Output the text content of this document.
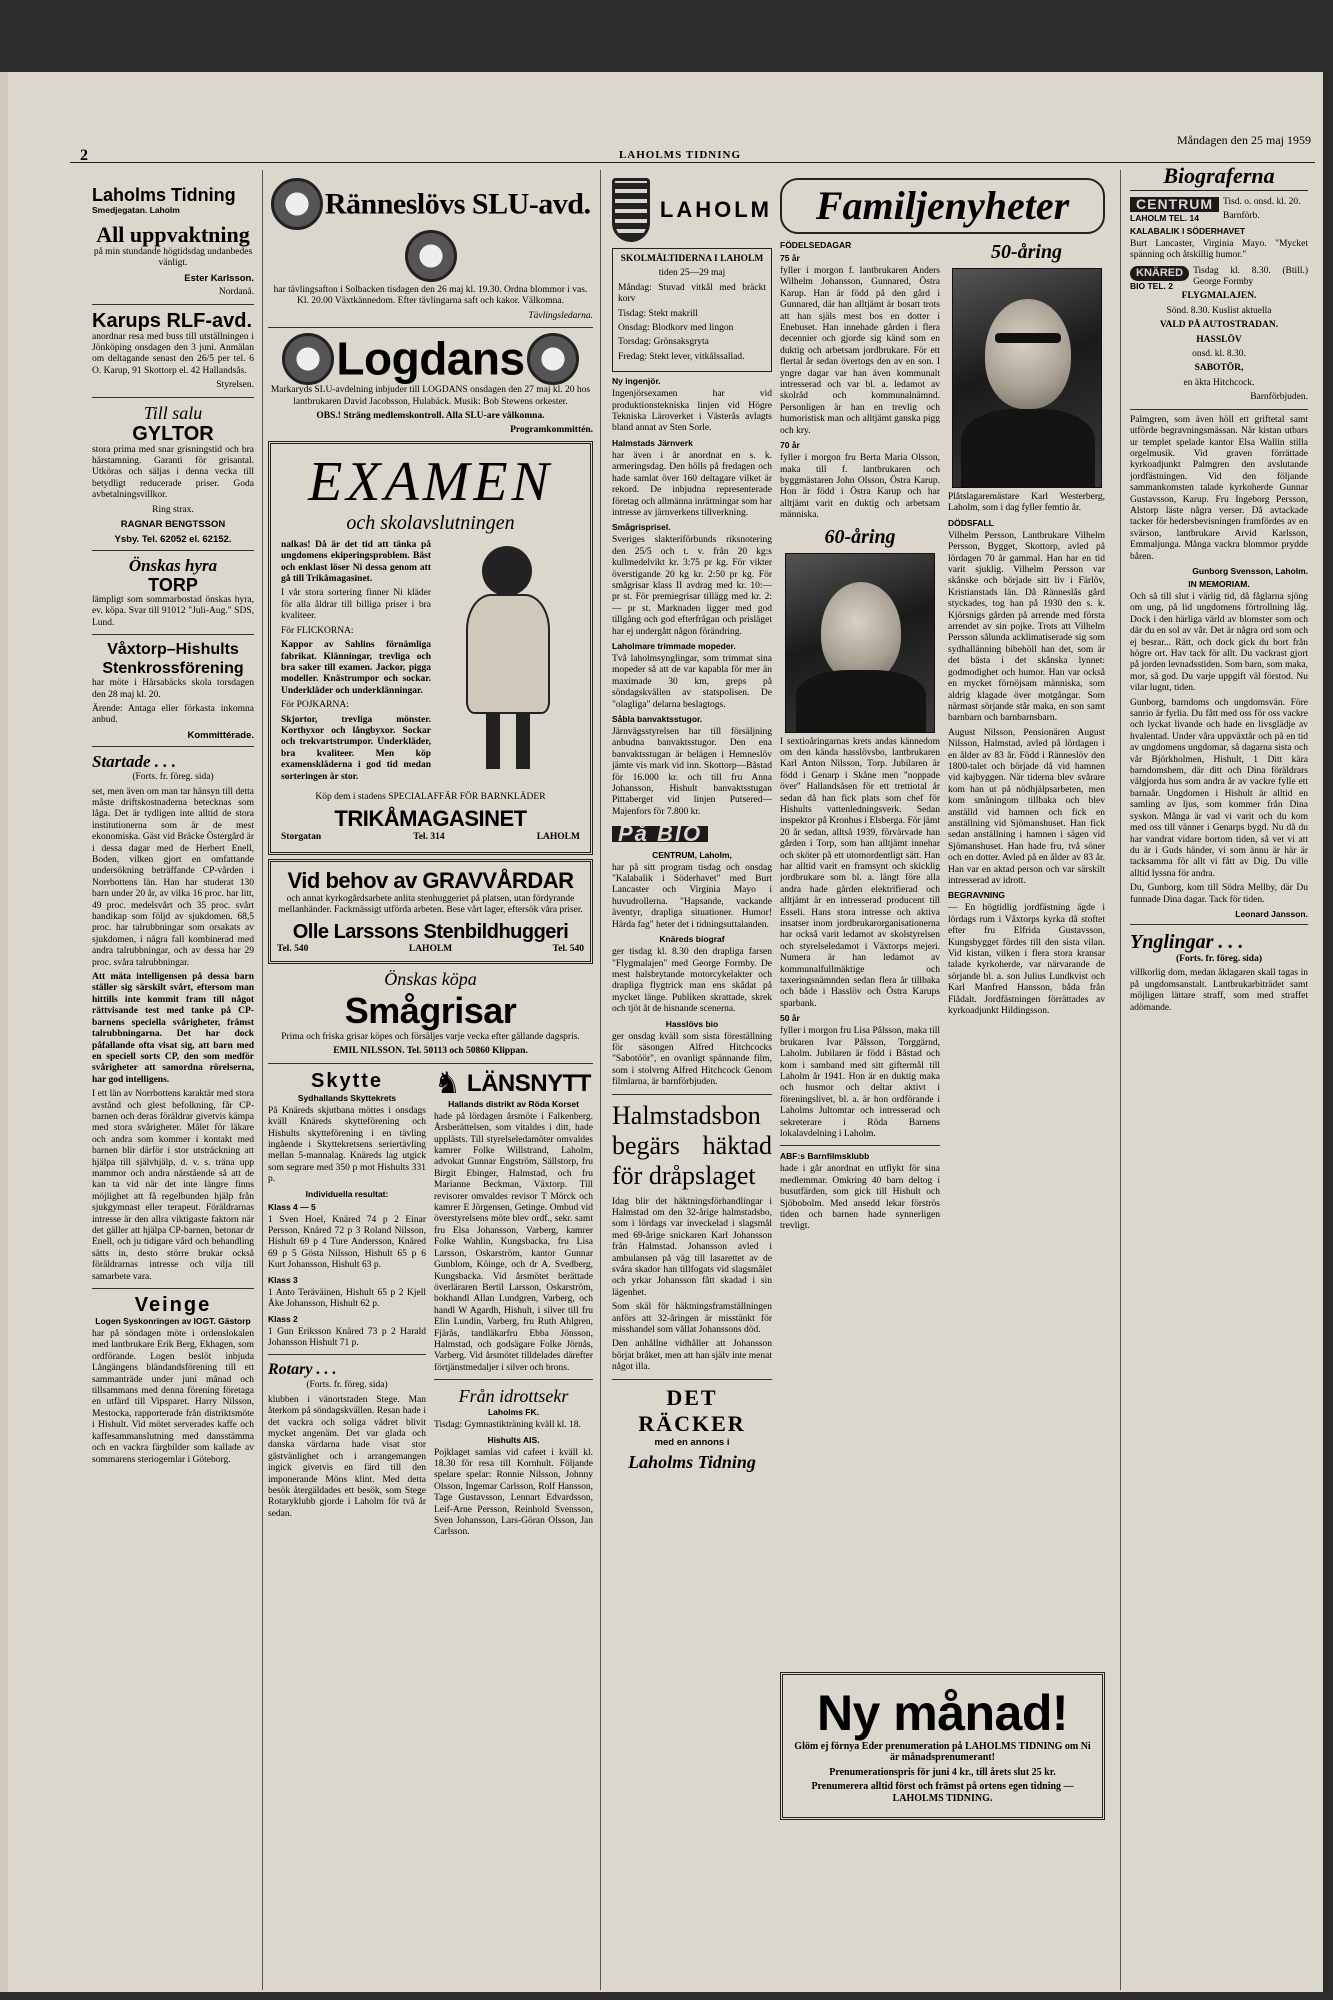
2	LAHOLMS TIDNING
Måndagen den 25 maj 1959
Laholms Tidning
Smedjegatan. Laholm
All uppvaktning

på min stundande högtidsdag undanbedes vänligt.

Ester Karlsson.

Nordanå.

Karups RLF-avd.

anordnar resa med buss till utställningen i Jönköping onsdagen den 3 juni. Anmälan om deltagande senast den 26/5 per tel. 6 O. Karup, 91 Skottorp el. 42 Hallandsås.

Styrelsen.

Till salu
GYLTOR

stora prima med snar grisningstid och bra härstamning. Garanti för grisantal. Utköras och säljas i denna vecka till betydligt reducerade priser. Goda avbetalningsvillkor.

Ring strax.

RAGNAR BENGTSSON

Ysby. Tel. 62052 el. 62152.

Önskas hyra
TORP

lämpligt som sommarbostad önskas hyra, ev. köpa. Svar till 91012 "Juli-Aug." SDS, Lund.

Våxtorp–Hishults Stenkrossförening

har möte i Hårsabäcks skola torsdagen den 28 maj kl. 20.

Ärende: Antaga eller förkasta inkomna anbud.

Kommittérade.

Startade . . .

(Forts. fr. föreg. sida)

set, men även om man tar hänsyn till detta måste driftskostnaderna betecknas som låga. Det är tydligen inte alltid de stora institutionerna som är de mest ekonomiska. Gäst vid Bräcke Östergård är i dessa dagar med de Herbert Enell, Boden, vilken gjort en omfattande undersökning beträffande CP-vården i Norrbottens län. Han har studerat 130 barn under 20 år, av vilka 16 proc. har litt, 49 proc. medelsvårt och 35 proc. svårt handikap som följd av sjukdomen. 68,5 proc. har talrubbningar som orsakats av sjukdomen, i några fall kombinerad med andra talrubbningar, och av dessa har 29 proc. svåra talrubbningar.

Att mäta intelligensen på dessa barn ställer sig särskilt svårt, eftersom man hittills inte kommit fram till något rättvisande test med tanke på CP-barnens speciella svårigheter, främst talrubbningarna. Det har dock påfallande ofta visat sig, att barn med en speciell sorts CP, den som medför svårigheter att samordna rörelserna, har god intelligens.

I ett län av Norrbottens karaktär med stora avstånd och glest befolkning, får CP-barnen och deras föräldrar givetvis kämpa med stora svårigheter. Målet för läkare och andra som kommer i kontakt med barnen blir därför i stor utsträckning att hjälpa till självhjälp, d. v. s. träna upp mammor och andra närstående så att de kan ta vid när det inte längre finns möjlighet att få regelbunden hjälp från sjukgymnast eller terapeut. Föräldrarnas intresse är den allra viktigaste faktorn när det gäller att hjälpa CP-barnen, betonar dr Enell, och ju tidigare vård och behandling sätts in, desto större brukar också föräldrarnas intresse och vilja till samarbete vara.

Veinge

Logen Syskonringen av IOGT. Gästorp

har på söndagen möte i ordenslokalen med lantbrukare Erik Berg, Ekhagen, som ordförande. Logen beslöt inbjuda Långängens bländandsförening till ett sammanträde under juni månad och tillsammans med denna förening företaga en utfärd till Vipsparet. Harry Nilsson, Mestocka, rapporterade från distriktsmöte i Hishult. Vid mötet serverades kaffe och kaffesammanslutning med dansstämma och en vackra färgbilder som kallade av sommarens steriogemlar i Göteborg.

Ränneslövs SLU-avd.

har tävlingsafton i Solbacken tisdagen den 26 maj kl. 19.30. Ordna blommor i vas. Kl. 20.00 Växtkännedom. Efter tävlingarna saft och kakor. Välkomna.

Tävlingsledarna.

Logdans

Markaryds SLU-avdelning inbjuder till LOGDANS onsdagen den 27 maj kl. 20 hos lantbrukaren David Jacobsson, Hulabäck. Musik: Bob Stewens orkester.

OBS.! Sträng medlemskontroll. Alla SLU-are välkomna.

Programkommittén.

EXAMEN
och skolavslutningen

nalkas! Då är det tid att tänka på ungdomens ekiperingsproblem. Bäst och enklast löser Ni dessa genom att gå till Trikåmagasinet.

I vår stora sortering finner Ni kläder för alla åldrar till billiga priser i bra kvaliteer.

För FLICKORNA:

Kappor av Sahlins förnämliga fabrikat. Klänningar, trevliga och bra saker till examen. Jackor, pigga modeller. Knästrumpor och sockar. Underkläder och underklänningar.

För POJKARNA:

Skjortor, trevliga mönster. Korthyxor och långbyxor. Sockar och trekvartstrumpor. Underkläder, bra kvaliteer. Men köp examenskläderna i god tid medan sorteringen är stor.

Köp dem i stadens SPECIALAFFÄR FÖR BARNKLÄDER

TRIKÅMAGASINET
Storgatan	Tel. 314	LAHOLM
Vid behov av GRAVVÅRDAR

och annat kyrkogårdsarbete anlita stenhuggeriet på platsen, utan fördyrande mellanhänder. Fackmässigt utförda arbeten. Bese vårt lager, eftersök våra priser.

Olle Larssons Stenbildhuggeri
Tel. 540	LAHOLM	Tel. 540
Önskas köpa
Smågrisar

Prima och friska grisar köpes och försäljes varje vecka efter gällande dagspris.

EMIL NILSSON. Tel. 50113 och 50860 Klippan.

Skytte

Sydhallands Skyttekrets

På Knäreds skjutbana möttes i onsdags kväll Knäreds skytteförening och Hishults skytteförening i en tävling ingående i Skyttekretsens seriertävling mellan 5-mannalag. Knäreds lag utgick som segrare med 350 p mot Hishults 331 p.

Individuella resultat:

Klass 4 — 5

1 Sven Hoel, Knäred 74 p 2 Einar Persson, Knäred 72 p 3 Roland Nilsson, Hishult 69 p 4 Ture Andersson, Knäred 69 p 5 Gösta Nilsson, Hishult 65 p 6 Kurt Johansson, Hishult 63 p.

Klass 3

1 Anto Teräväinen, Hishult 65 p 2 Kjell Åke Johansson, Hishult 62 p.

Klass 2

1 Gun Eriksson Knäred 73 p 2 Harald Johansson Hishult 71 p.

Rotary . . .

(Forts. fr. föreg. sida)

klubben i vänortstaden Stege. Man återkom på söndagskvällen. Resan hade i det vackra och soliga vädret blivit mycket angenäm. Det var glada och danska värdarna hade visat stor gästvänlighet och i arrangemangen ingick givetvis en färd till den imponerande Möns klint. Med detta besök återgäldades ett besök, som Stege Rotaryklubb gjorde i Laholm för två år sedan.

♞ LÄNSNYTT

Hallands distrikt av Röda Korset

hade på lördagen årsmöte i Falkenberg. Årsberättelsen, som vitaldes i ditt, hade upplästs. Till styrelseledamöter omvaldes kamrer Folke Willstrand, Laholm, advokat Gunnar Engström, Sällstorp, fru Birgit Ebinger, Halmstad, och fru Marianne Beckman, Växtorp. Till revisorer omvaldes revisor T Mörck och kamrer E Jörgensen, Getinge. Ombud vid överstyrelsens möte blev ordf., sekr. samt fru Elsa Johansson, Varberg, kamrer Folke Wahlin, Kungsbacka, fru Lisa Larsson, Oskarström, kantor Gunnar Gunblom, Köinge, och dr A. Svedberg, Kungsbacka. Vid årsmötet berättade överläraren Bertil Larsson, Oskarström, bokhandl Allan Lundgren, Varberg, och handl W Agardh, Hishult, i silver till fru Elin Lundin, Varberg, fru Ruth Ahlgren, Fjärås, tandläkarfru Ebba Jönsson, Halmstad, och godsägare Folke Jörnås, Varberg. Vid årsmötet tilldelades därefter förtjänstmedaljer i silver och brons.

Från idrottsekr

Laholms FK.

Tisdag: Gymnastikträning kväll kl. 18.

Hishults AIS.

Pojklaget samlas vid cafeet i kväll kl. 18.30 för resa till Kornhult. Följande spelare spelar: Ronnie Nilsson, Johnny Olsson, Ingemar Carlsson, Rolf Hansson, Tage Gustavsson, Lennart Edvardsson, Leif-Arne Persson, Reinhold Svensson, Sven Johansson, Lars-Göran Olsson, Jan Carlsson.

LAHOLM

SKOLMÅLTIDERNA I LAHOLM

tiden 25—29 maj

Måndag: Stuvad vitkål med bräckt korv

Tisdag: Stekt makrill

Onsdag: Blodkorv med lingon

Torsdag: Grönsaksgryta

Fredag: Stekt lever, vitkålssallad.

Ny ingenjör.

Ingenjörsexamen har vid produktionstekniska linjen vid Högre Tekniska Läroverket i Västerås avlagts bland annat av Sten Sorle.

Halmstads Järnverk

har även i år anordnat en s. k. armeringsdag. Den hölls på fredagen och hade samlat över 160 deltagare vilket är rekord. De inbjudna representerade företag och allmänna inrättningar som har intresse av järnverkens tillverkning.

Smågrisprisel.

Sveriges slakteriförbunds riksnotering den 25/5 och t. v. från 20 kg:s kullmedelvikt kr. 3:75 pr kg. För vikter överstigande 20 kg kr. 2:50 pr kg. För smågrisar klass II avdrag med kr. 10:— pr st. För premiegrisar tillägg med kr. 2:— pr st. Marknaden ligger med god tillgång och god efterfrågan och prisläget har ej undergått någon förändring.

Laholmare trimmade mopeder.

Två laholmsynglingar, som trimmat sina mopeder så att de var kapabla för mer än maximade 30 km, greps på söndagskvällen av statspolisen. De "olagliga" delarna beslagtogs.

Såbla banvaktsstugor.

Järnvägsstyrelsen har till försäljning anbudna banvaktsstugor. Den ena banvaktsstugan är belägen i Hemneslöv jämte vis mark vid inn. Skottorp—Båstad för 16.000 kr. och till fru Anna Johansson, Hishult banvaktsstugan Pittaberget vid linjen Putsered—Majenfors för 7.800 kr.

På BIO

CENTRUM, Laholm,

har på sitt program tisdag och onsdag "Kalabalik i Söderhavet" med Burt Lancaster och Virginia Mayo i huvudrollerna. "Hapsande, vackande äventyr, drapliga situationer. Humor! Härda fag" heter det i tidningsuttalanden.

Knäreds biograf

ger tisdag kl. 8.30 den drapliga farsen "Flygmalajen" med George Formby. De mest halsbrytande motorcykelakter och drapliga flygtrick man ens skådat på mycket länge. Publiken skrattade, skrek och tjöt åt de hisnande scenerna.

Hasslövs bio

ger onsdag kväll som sista föreställning för säsongen Alfred Hitchcocks "Sabotöör", en ovanligt spännande film, som i stolvrng Alfred Hitchcock Genom filmlarna, är barnförbjuden.

Halmstadsbon begärs häktad för dråpslaget

Idag blir det häktningsförhandlingar i Halmstad om den 32-årige halmstadsbo, som i lördags var inveckelad i slagsmål med 69-årige snickaren Karl Johansson från Halmstad. Johansson avled i ambulansen på väg till lasarettet av de svåra skador han tillfogats vid slagsmålet och yrkar Johansson fått skadad i sin lägenhet.

Som skäl för häktningsframställningen anförs att 32-åringen är misstänkt för misshandel som vållat Johanssons död.

Den anhållne vidhåller att Johansson börjat bråket, men att han själv inte menat något illa.

DET RÄCKER

med en annons i

Laholms Tidning
Familjenyheter

FÖDELSEDAGAR

75 år

fyller i morgon f. lantbrukaren Anders Wilhelm Johansson, Gunnared, Östra Karup. Han är född på den gård i Gunnared, där han alltjämt är bosatt trots att han själs mest bos en dotter i Enebuset. Han innehade gården i flera decennier och gjorde sig känd som en duktig och arbetsam jordbrukare. För ett flertal år sedan övertogs den av en son. I yngre dagar var han även kommunalt intresserad och var bl. a. ledamot av skolråd och kommunalnämnd. Personligen är han en trevlig och humoristisk man och alltjämt ganska pigg och kry.

70 år

fyller i morgon fru Berta Maria Olsson, maka till f. lantbrukaren och byggmästaren John Olsson, Östra Karup. Hon är född i Östra Karup och har alltjämt varit en duktig och arbetsam människa.

60-åring

I sextioåringarnas krets andas kännedom om den kända hasslövsbo, lantbrukaren Karl Anton Nilsson, Torp. Jubilaren är född i Genarp i Skåne men "noppade över" Hallandsåsen för ett trettiotal år sedan då han fick plats som chef för Hishults vattenledningsverk. Sedan inspektor på Kronhus i Elsberga. För jämt 20 år sedan, alltså 1939, förvärvade han gården i Torp, som han alltjämt innehar och sköter på ett utomordentligt sätt. Han har alltid varit en framsynt och skicklig jordbrukare som bl. a. längt före alla andra hade gården elektrifierad och alltjämt är en intresserad producent till Esseli. Hans stora intresse och aktiva insatser inom jordbrukarorganisationerna har också varit ledamot av skolstyrelsen och styrelseledamot i Växtorps mejeri. Numera är han ledamot av kommunalfullmäktige och taxeringsnämnden sedan flera år tillbaka och både i Hasslöv och Östra Karups sparbank.

50 år

fyller i morgon fru Lisa Pålsson, maka till brukaren Ivar Pålsson, Torggärnd, Laholm. Jubilaren är född i Båstad och kom i samband med sitt giftermål till Laholm år 1941. Hon är en duktig maka och husmor och deltar aktivt i föreningslivet, bl. a. är hon ordförande i Laholms Jultomtar och intresserad och sekreterare i Röda Barnens lokalavdelning i Laholm.

ABF:s Barnfilmsklubb

hade i går anordnat en utflykt för sina medlemmar. Omkring 40 barn deltog i busutfärden, som gick till Hishult och Sjöbobolm. Med ansedd lekar förströs tiden och barnen hade synnerligen trevligt.

50-åring

Plåtslagaremästare Karl Westerberg, Laholm, som i dag fyller femtio år.

DÖDSFALL

Vilhelm Persson, Lantbrukare Vilhelm Persson, Bygget, Skottorp, avled på lördagen 70 år gammal. Han har en tid varit sjuklig. Vilhelm Persson var skånske och började sitt liv i Färlöv, Kristianstads län. Då Ränneslås gård styckades, tog han på 1930 den s. k. Kjörsnigs gården på arrende med första arrendet av sin pojke. Trots att Vilhelm Persson sålunda acklimatiserade sig som sydhallänning bibehöll han det, som är det bästa i det skånska lynnet: godmodighet och humor. Han var också en mycket förnöjsam människa, som aldrig klagade över motgångar. Som närmast sörjande står maka, en son samt barnbarn och barnbarnsbarn.

August Nilsson, Pensionären August Nilsson, Halmstad, avled på lördagen i en ålder av 83 år. Född i Ränneslöv den 1800-talet och började då vid hamnen vid kajbyggen. När tiderna blev svårare kom han ut på nödhjälpsarbeten, men kom småningom tillbaka och blev anställd vid hamnen och fick en anställning vid Sjömanshuset. Han fick sedan anställning i hamnen i sägen vid Sjömanshuset. Han hade fru, två söner och en dotter. Avled på en ålder av 83 år. Han var en aktad person och var särskilt intresserad av idrott.

BEGRAVNING

— En högtidlig jordfästning ägde i lördags rum i Våxtorps kyrka då stoftet efter fru Elfrida Gustavsson, Kungsbygget fördes till den sista vilan. Vid kistan, vilken i flera stora kransar talade kyrkoherde, var närvarande de sörjande bl. a. son Julius Lundkvist och Karl Manfred Hansson, båda från Flådalt. Jordfästningen förrättades av kyrkoadjunkt Hildingsson.

Ny månad!

Glöm ej förnya Eder prenumeration på LAHOLMS TIDNING om Ni är månadsprenumerant!

Prenumerationspris för juni 4 kr., till årets slut 25 kr.

Prenumerera alltid först och främst på ortens egen tidning — LAHOLMS TIDNING.

Biograferna
CENTRUM
LAHOLM TEL. 14

Tisd. o. onsd. kl. 20.

Barnförb.

KALABALIK I SÖDERHAVET

Burt Lancaster, Virginia Mayo. "Mycket spänning och åtskillig humor."

KNÄRED
BIO TEL. 2

Tisdag kl. 8.30. (Btill.) George Formby

FLYGMALAJEN.

Sönd. 8.30. Kuslist aktuella

VALD PÅ AUTOSTRADAN.

HASSLÖV

onsd. kl. 8.30.

SABOTÖR,

en äkta Hitchcock.

Barnförbjuden.

Palmgren, som även höll ett griftetal samt utförde begravningsmässan. När kistan utbars ur templet spelade kantor Elsa Wallin stilla orgelmusik. Vid graven förrättade kyrkoadjunkt Palmgren den avslutande jordfästningen. Vid den följande sammankomsten talade kyrkoherde Gunnar Gustavsson, Karup. Fru Ingeborg Persson, Alstorp läste några verser. Då avtackade tacker för hedersbevisningen framfördes av en svärson, lantbrukare Arvid Karlsson, Emmaljunga. Många vackra blommor prydde båren.

Gunborg Svensson, Laholm.

IN MEMORIAM.

Och så till slut i värlig tid, då fåglarna sjöng om ung, på lid ungdomens förtrollning låg. Dock i den härliga värld av blomster som och där du en sol av vår. Det är några ord som och ej besrar... Rätt, och dock gick du bort från högre ort. Hav tack för allt. Du vackrast gjort på jorden levnadsstiden. Som barn, som maka, mor, så god. Du varje uppgift väl förstod. Nu vilar lugnt, tiden.

Gunborg, barndoms och ungdomsvän. Före sanrio är fyrlia. Du fått med oss för oss vackre och lyckat livande och hade en livsglädje av hvalentad. Under våra uppväxtår och på en tid av ungdomens ungdomar, så dagarna sista och vår Björkholmen, Hishult, 1 Ditt kära barndomshem, där ditt och Dina föräldrars välgjorda hus som andra år av vackre fylle ett barnaår. Ungdomen i Hishult är alltid en samling av ljus, som kommer från Dina syskon. Många är vad vi varit och du kom med oss till vänner i Genarps bygd. Nu då du har vandrat vidare bortom tiden, så vet vi att du är i Guds händer, vi som ännu är här är tacksamma för allt vi fått av Dig. Du ville alltid lyssna för andra.

Du, Gunborg, kom till Södra Mellby, där Du funnade Dina dagar. Tack för tiden.

Leonard Jansson.

Ynglingar . . .

(Forts. fr. föreg. sida)

villkorlig dom, medan åklagaren skall tagas in på ungdomsanstalt. Lantbrukarbiträdet samt möjligen lättare straff, som med straffet adömande.
